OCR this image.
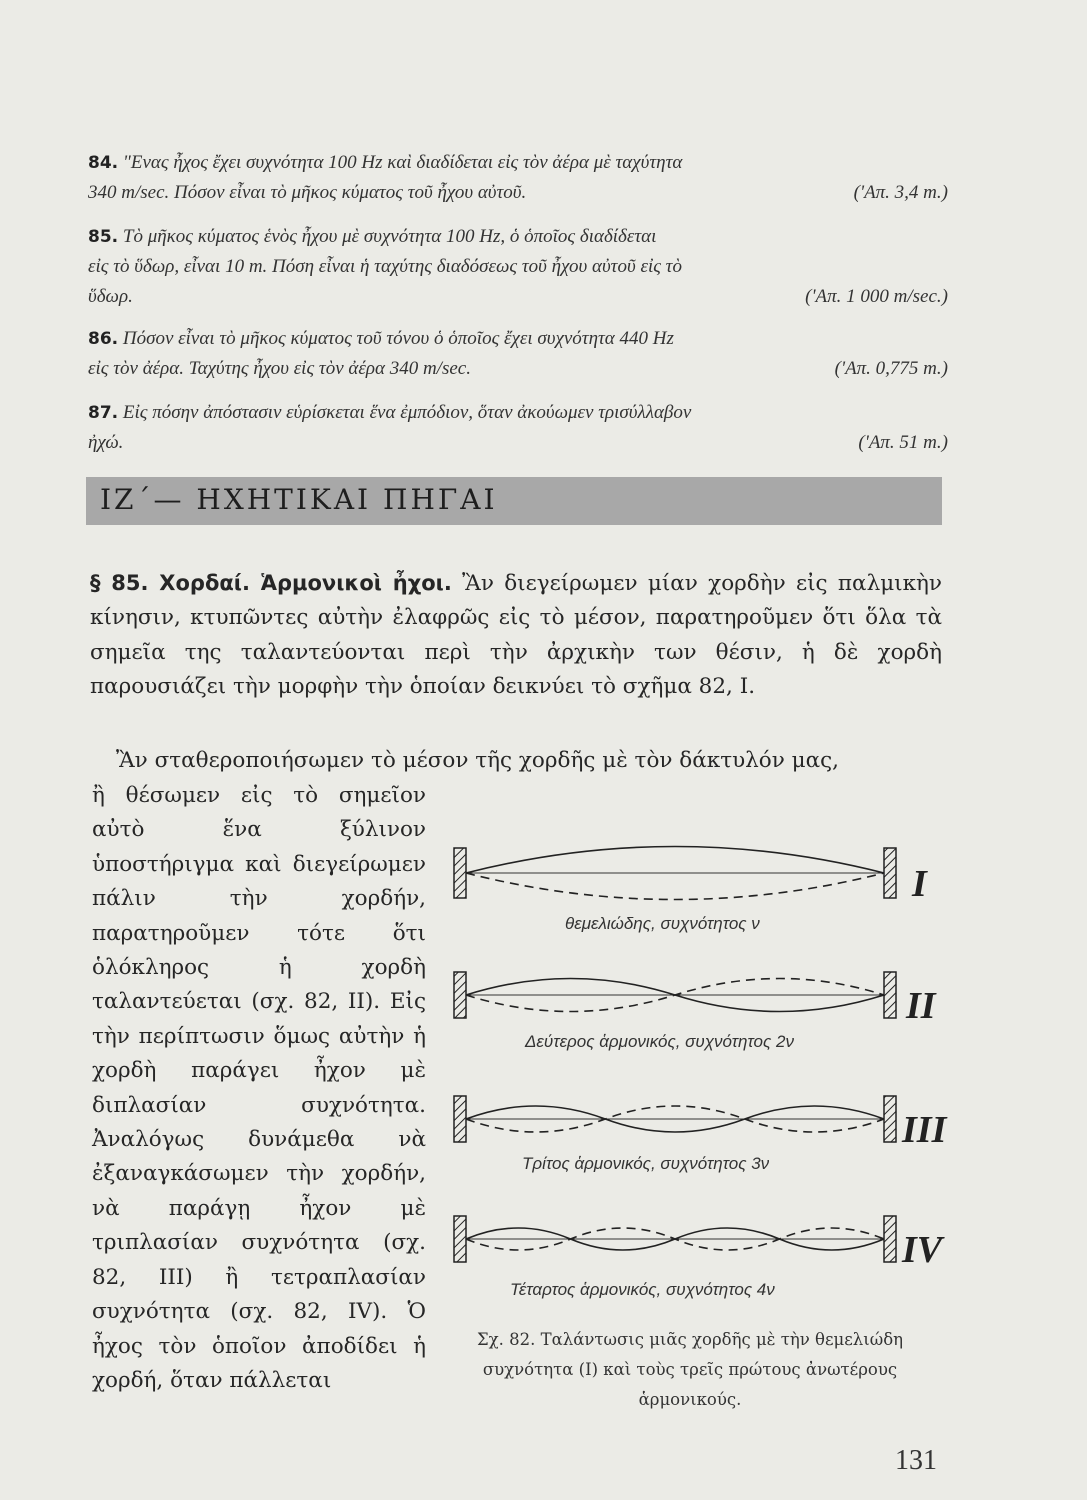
84. "Ενας ἦχος ἔχει συχνότητα 100 Hz καὶ διαδίδεται εἰς τὸν ἀέρα μὲ ταχύτητα
340 m/sec. Πόσον εἶναι τὸ μῆκος κύματος τοῦ ἦχου αὐτοῦ.	('Απ. 3,4 m.)

85. Τὸ μῆκος κύματος ἑνὸς ἦχου μὲ συχνότητα 100 Hz, ὁ ὁποῖος διαδίδεται
εἰς τὸ ὕδωρ, εἶναι 10 m. Πόση εἶναι ἡ ταχύτης διαδόσεως τοῦ ἦχου αὐτοῦ εἰς τὸ
ὕδωρ.	('Απ. 1 000 m/sec.)

86. Πόσον εἶναι τὸ μῆκος κύματος τοῦ τόνου ὁ ὁποῖος ἔχει συχνότητα 440 Hz
εἰς τὸν ἀέρα. Ταχύτης ἦχου εἰς τὸν ἀέρα 340 m/sec.	('Απ. 0,775 m.)

87. Εἰς πόσην ἀπόστασιν εὑρίσκεται ἕνα ἐμπόδιον, ὅταν ἀκούωμεν τρισύλλαβον
ἠχώ.	('Απ. 51 m.)

ΙΖ΄— ΗΧΗΤΙΚΑΙ ΠΗΓΑΙ

§ 85. Χορδαί. Ἁρμονικοὶ ἦχοι. Ἂν διεγείρωμεν μίαν χορδὴν εἰς παλμικὴν κίνησιν, κτυπῶντες αὐτὴν ἐλαφρῶς εἰς τὸ μέσον, παρατηροῦμεν ὅτι ὅλα τὰ σημεῖα της ταλαντεύονται περὶ τὴν ἀρχικὴν των θέσιν, ἡ δὲ χορδὴ παρουσιάζει τὴν μορφὴν τὴν ὁποίαν δεικνύει τὸ σχῆμα 82, Ι.

Ἂν σταθεροποιήσωμεν τὸ μέσον τῆς χορδῆς μὲ τὸν δάκτυλόν μας,

ἢ θέσωμεν εἰς τὸ σημεῖον αὐτὸ ἕνα ξύλινον ὑποστήριγμα καὶ διεγείρωμεν πάλιν τὴν χορδήν, παρατηροῦμεν τότε ὅτι ὁλόκληρος ἡ χορδὴ ταλαντεύεται (σχ. 82, ΙΙ). Εἰς τὴν περίπτωσιν ὅμως αὐτὴν ἡ χορδὴ παράγει ἦχον μὲ διπλασίαν συχνότητα. Ἀναλόγως δυνάμεθα νὰ ἐξαναγκάσωμεν τὴν χορδήν, νὰ παράγῃ ἦχον μὲ τριπλασίαν συχνότητα (σχ. 82, ΙΙΙ) ἢ τετραπλασίαν συχνότητα (σχ. 82, ΙV). Ὁ ἦχος τὸν ὁποῖον ἀποδίδει ἡ χορδή, ὅταν πάλλεται

I
θεμελιώδης, συχνότητος ν
II
Δεύτερος ἁρμονικός, συχνότητος 2ν
III
Τρίτος ἁρμονικός, συχνότητος 3ν
IV
Τέταρτος ἁρμονικός, συχνότητος 4ν

Σχ. 82. Ταλάντωσις μιᾶς χορδῆς μὲ τὴν θεμελιώδη συχνότητα (Ι) καὶ τοὺς τρεῖς πρώτους ἀνωτέρους ἁρμονικούς.

131
